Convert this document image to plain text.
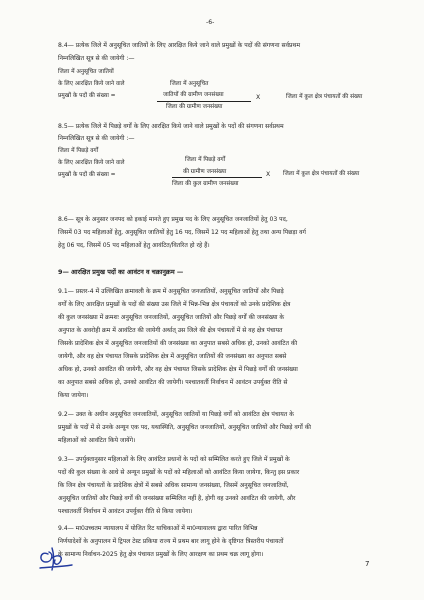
-6-
8.4— प्रत्येक जिले में अनुसूचित जातियों के लिए आरक्षित किये जाने वाले प्रमुखों के पदों की संगणना सर्वप्रथम
निम्नलिखित सूत्र से की जायेगी :—
जिला में अनुसूचित जातियों
के लिए आरक्षित किये जाने वाले
प्रमुखों के पदों की संख्या =
जिला में अनुसूचित
जातियों की ग्रामीण जनसंख्या
जिला की ग्रामीण जनसंख्या
X	जिला में कुल क्षेत्र पंचायतों की संख्या
8.5— प्रत्येक जिले में पिछड़े वर्गों के लिए आरक्षित किये जाने वाले प्रमुखों के पदों की संगणना सर्वप्रथम
निम्नलिखित सूत्र से की जायेगी :—
जिला में पिछड़े वर्गों
के लिए आरक्षित किये जाने वाले
प्रमुखों के पदों की संख्या =
जिला में पिछड़े वर्गों
की ग्रामीण जनसंख्या
जिला की कुल ग्रामीण जनसंख्या
X जिला में कुल क्षेत्र पंचायतों की संख्या
8.6— सूत्र के अनुसार जनपद को इकाई मानते हुए प्रमुख पद के लिए अनुसूचित जनजातियों हेतु 03 पद,
जिसमें 03 पद महिलाओं हेतु, अनुसूचित जातियों हेतु 16 पद, जिसमें 12 पद महिलाओं हेतु तथा अन्य पिछड़ा वर्ग
हेतु 06 पद, जिसमें 05 पद महिलाओं हेतु आवंटित/वितरित हो रहे हैं।
9— आरक्षित प्रमुख पदों का आवंटन व चक्रानुक्रम —
9.1— प्रस्तर-4 में उल्लिखित क्रमावली के क्रम में अनुसूचित जनजातियों, अनुसूचित जातियों और पिछड़े
वर्गों के लिए आरक्षित प्रमुखों के पदों की संख्या उस जिले में भिन्न-भिन्न क्षेत्र पंचायतों को उनके प्रादेशिक क्षेत्र
की कुल जनसंख्या में क्रमशः अनुसूचित जनजातियों, अनुसूचित जातियों और पिछड़े वर्गों की जनसंख्या के
अनुपात के अवरोही क्रम में आवंटित की जायेगी अर्थात् उस जिले की क्षेत्र पंचायतों में से वह क्षेत्र पंचायत
जिसके प्रादेशिक क्षेत्र में अनुसूचित जनजातियों की जनसंख्या का अनुपात सबसे अधिक हो, उनको आवंटित की
जायेगी, और वह क्षेत्र पंचायत जिसके प्रादेशिक क्षेत्र में अनुसूचित जातियों की जनसंख्या का अनुपात सबसे
अधिक हो, उनको आवंटित की जायेगी, और वह क्षेत्र पंचायत जिसके प्रादेशिक क्षेत्र में पिछड़े वर्गों की जनसंख्या
का अनुपात सबसे अधिक हो, उनको आवंटित की जायेगी। पश्चातवर्ती निर्वाचन में आवंटन उपर्युक्त रीति से
किया जायेगा।
9.2— उक्त के अधीन अनुसूचित जनजातियों, अनुसूचित जातियों या पिछड़े वर्गों को आवंटित क्षेत्र पंचायत के
प्रमुखों के पदों में से उनके अन्यून एक पद, यथास्थिति, अनुसूचित जनजातियों, अनुसूचित जातियों और पिछड़े वर्गों की
महिलाओं को आवंटित किये जायेंगे।
9.3— उपर्युक्तानुसार महिलाओं के लिए आवंटित प्रधानों के पदों को सम्मिलित करते हुए जिले में प्रमुखों के
पदों की कुल संख्या के आधे से अन्यून प्रमुखों के पदों को महिलाओं को आवंटित किया जायेगा, किन्तु इस प्रकार
कि जिन क्षेत्र पंचायतों के प्रादेशिक क्षेत्रों में सबसे अधिक सामान्य जनसंख्या, जिसमें अनुसूचित जनजातियों,
अनुसूचित जातियों और पिछड़े वर्गों की जनसंख्या सम्मिलित नहीं है, होगी वह उनको आवंटित की जायेगी, और
पश्चातवर्ती निर्वाचन में आवंटन उपर्युक्त रीति से किया जायेगा।
9.4— मा0उच्चतम न्यायालय में योजित रिट याचिकाओं में मा0न्यायालय द्वारा पारित विभिन्न
निर्णयादेशों के अनुपालन में ट्रिपल टेस्ट प्रकिया राज्य में प्रथम बार लागू होने के दृष्टिगत त्रिस्तरीय पंचायतों
के सामान्य निर्वाचन-2025 हेतु क्षेत्र पंचायत प्रमुखों के लिए आरक्षण का प्रथम चक्र लागू होगा।
7
